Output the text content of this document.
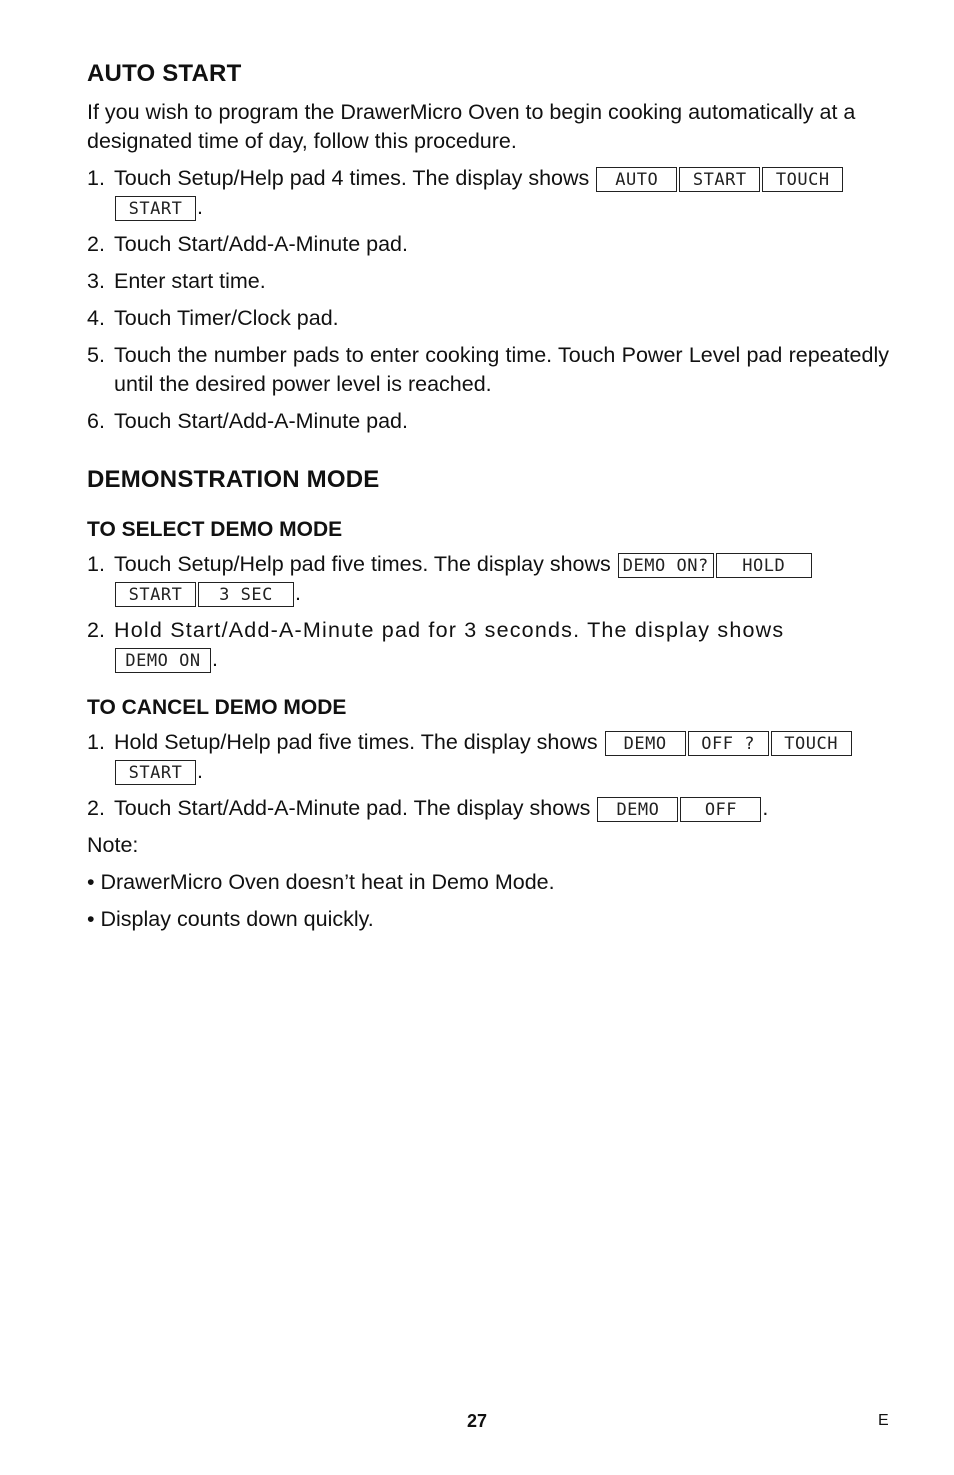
AUTO START

If you wish to program the DrawerMicro Oven to begin cooking automatically at a designated time of day, follow this procedure.

1. Touch Setup/Help pad 4 times. The display shows AUTO START TOUCH
START .
2. Touch Start/Add-A-Minute pad.
3. Enter start time.
4. Touch Timer/Clock pad.
5. Touch the number pads to enter cooking time. Touch Power Level pad repeatedly until the desired power level is reached.
6. Touch Start/Add-A-Minute pad.
DEMONSTRATION MODE
TO SELECT DEMO MODE
1. Touch Setup/Help pad five times. The display shows DEMO ON? HOLD
START 3 SEC .
2. Hold Start/Add-A-Minute pad for 3 seconds. The display shows
DEMO ON .
TO CANCEL DEMO MODE
1. Hold Setup/Help pad five times. The display shows DEMO OFF ? TOUCH
START .
2. Touch Start/Add-A-Minute pad. The display shows DEMO	OFF .

Note:

• DrawerMicro Oven doesn’t heat in Demo Mode.

• Display counts down quickly.

27	E
